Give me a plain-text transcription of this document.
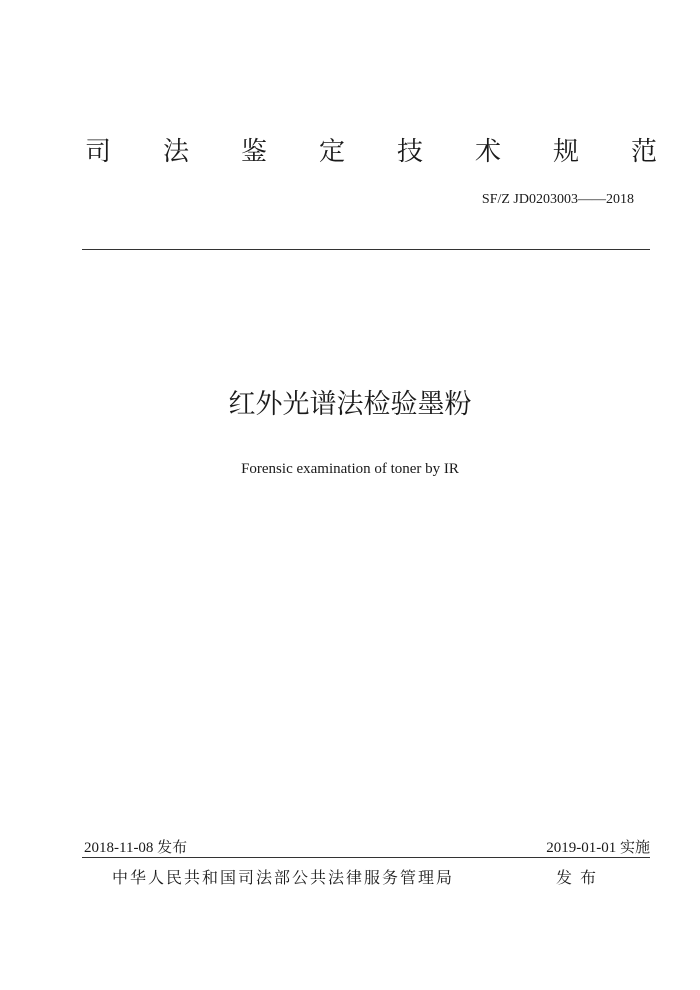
司 法 鉴 定 技 术 规 范
SF/Z JD0203003——2018
红外光谱法检验墨粉
Forensic examination of toner by IR
2018-11-08 发布	2019-01-01 实施
中华人民共和国司法部公共法律服务管理局	发布
